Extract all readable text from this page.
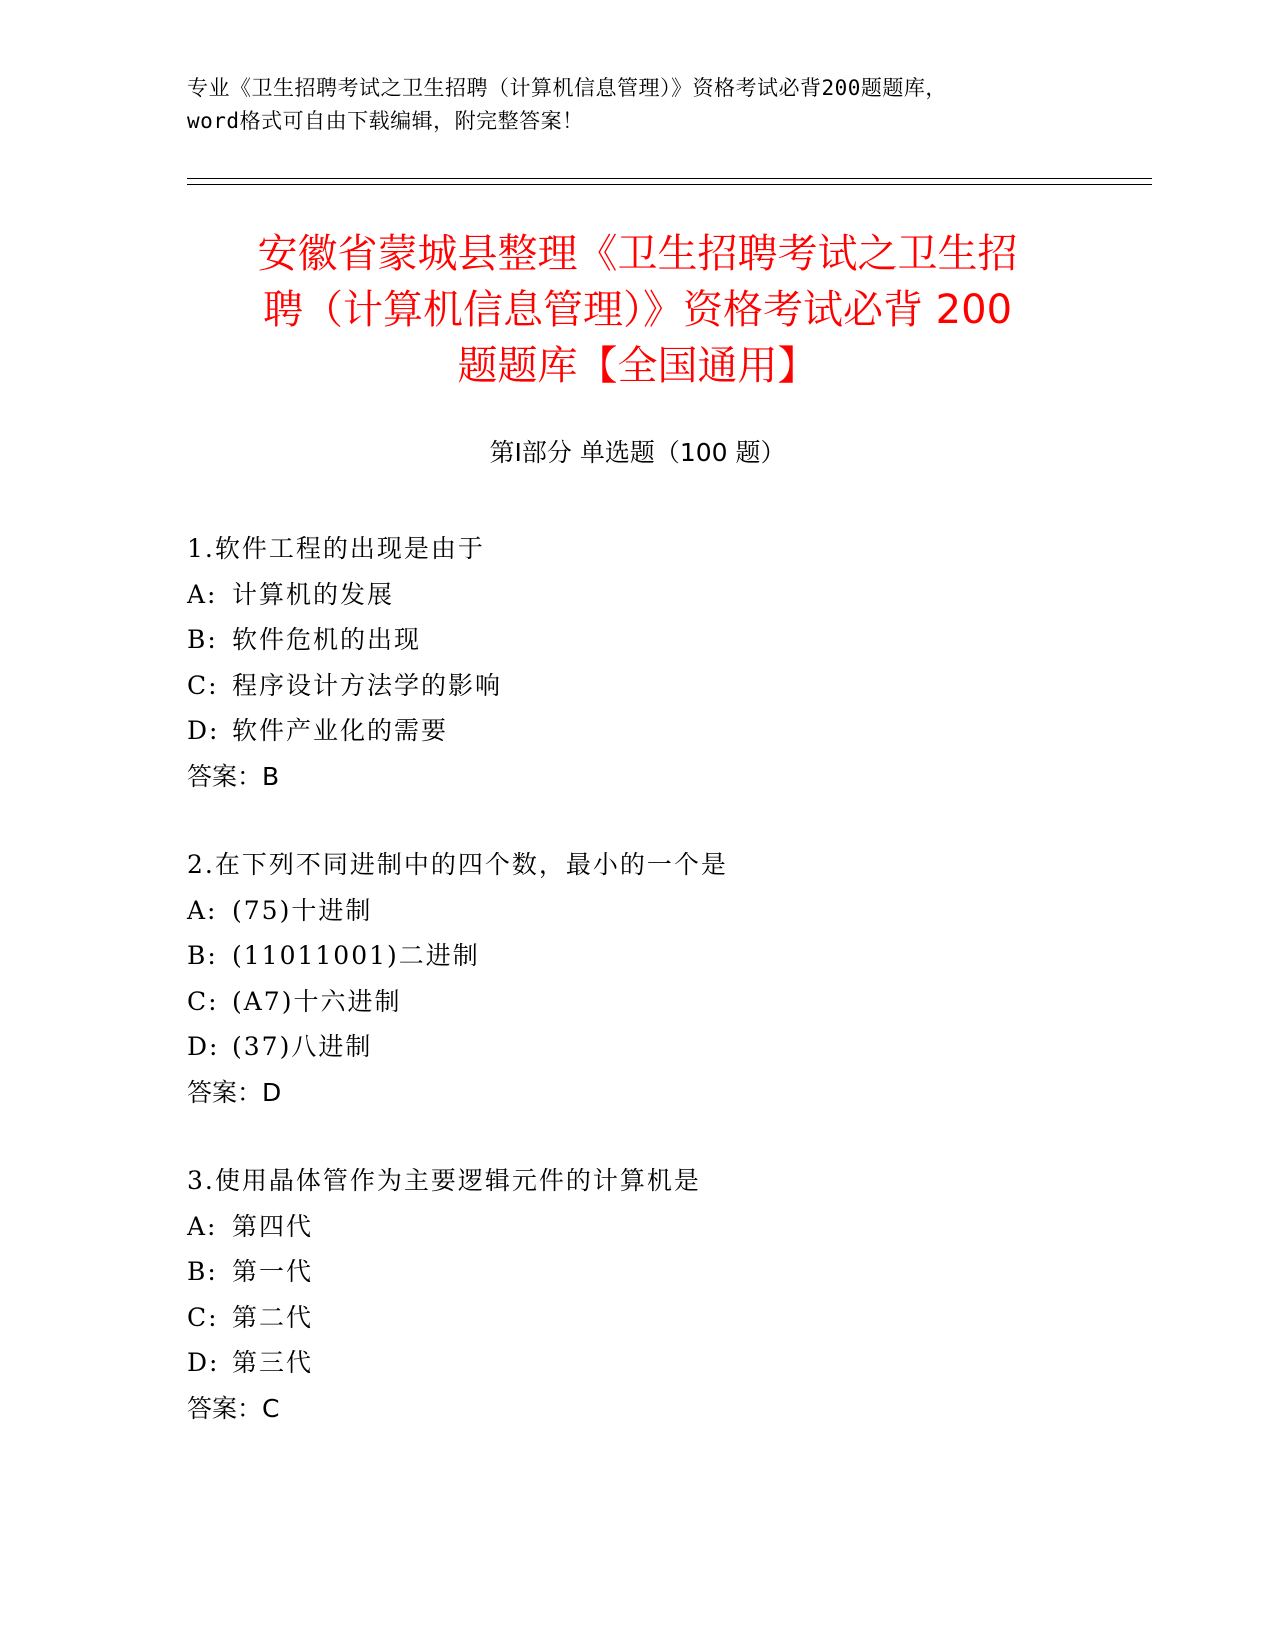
专业《卫生招聘考试之卫生招聘（计算机信息管理）》资格考试必背200题题库，
word格式可自由下载编辑，附完整答案！
安徽省蒙城县整理《卫生招聘考试之卫生招
聘（计算机信息管理）》资格考试必背 200
题题库【全国通用】
第Ⅰ部分 单选题（100 题）
1.软件工程的出现是由于
A: 计算机的发展
B: 软件危机的出现
C: 程序设计方法学的影响
D: 软件产业化的需要
答案：B
2.在下列不同进制中的四个数，最小的一个是
A: (75)十进制
B: (11011001)二进制
C: (A7)十六进制
D: (37)八进制
答案：D
3.使用晶体管作为主要逻辑元件的计算机是
A: 第四代
B: 第一代
C: 第二代
D: 第三代
答案：C
